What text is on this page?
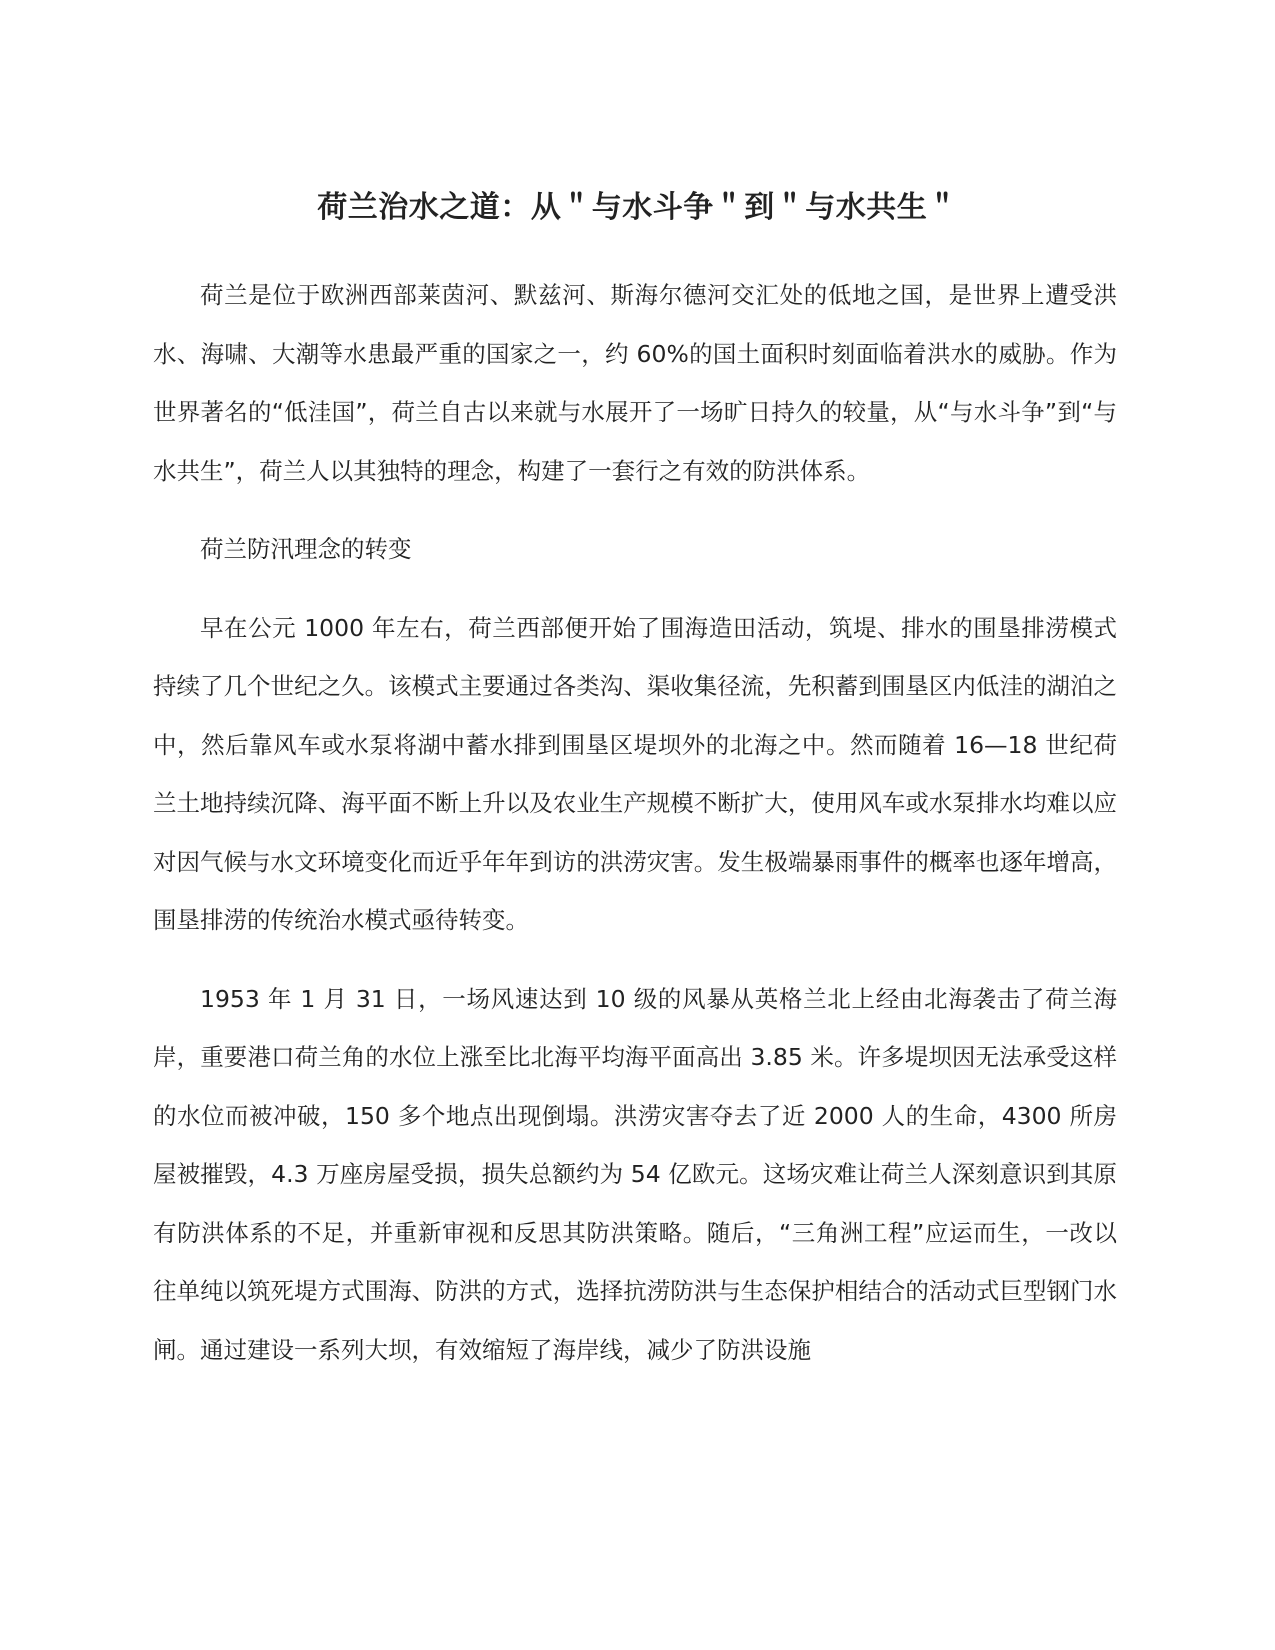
荷兰治水之道：从＂与水斗争＂到＂与水共生＂

荷兰是位于欧洲西部莱茵河、默兹河、斯海尔德河交汇处的低地之国，是世界上遭受洪水、海啸、大潮等水患最严重的国家之一，约 60%的国土面积时刻面临着洪水的威胁。作为世界著名的“低洼国”，荷兰自古以来就与水展开了一场旷日持久的较量，从“与水斗争”到“与水共生”，荷兰人以其独特的理念，构建了一套行之有效的防洪体系。

荷兰防汛理念的转变

早在公元 1000 年左右，荷兰西部便开始了围海造田活动，筑堤、排水的围垦排涝模式持续了几个世纪之久。该模式主要通过各类沟、渠收集径流，先积蓄到围垦区内低洼的湖泊之中，然后靠风车或水泵将湖中蓄水排到围垦区堤坝外的北海之中。然而随着 16—18 世纪荷兰土地持续沉降、海平面不断上升以及农业生产规模不断扩大，使用风车或水泵排水均难以应对因气候与水文环境变化而近乎年年到访的洪涝灾害。发生极端暴雨事件的概率也逐年增高，围垦排涝的传统治水模式亟待转变。

1953 年 1 月 31 日，一场风速达到 10 级的风暴从英格兰北上经由北海袭击了荷兰海岸，重要港口荷兰角的水位上涨至比北海平均海平面高出 3.85 米。许多堤坝因无法承受这样的水位而被冲破，150 多个地点出现倒塌。洪涝灾害夺去了近 2000 人的生命，4300 所房屋被摧毁，4.3 万座房屋受损，损失总额约为 54 亿欧元。这场灾难让荷兰人深刻意识到其原有防洪体系的不足，并重新审视和反思其防洪策略。随后，“三角洲工程”应运而生，一改以往单纯以筑死堤方式围海、防洪的方式，选择抗涝防洪与生态保护相结合的活动式巨型钢门水闸。通过建设一系列大坝，有效缩短了海岸线，减少了防洪设施
